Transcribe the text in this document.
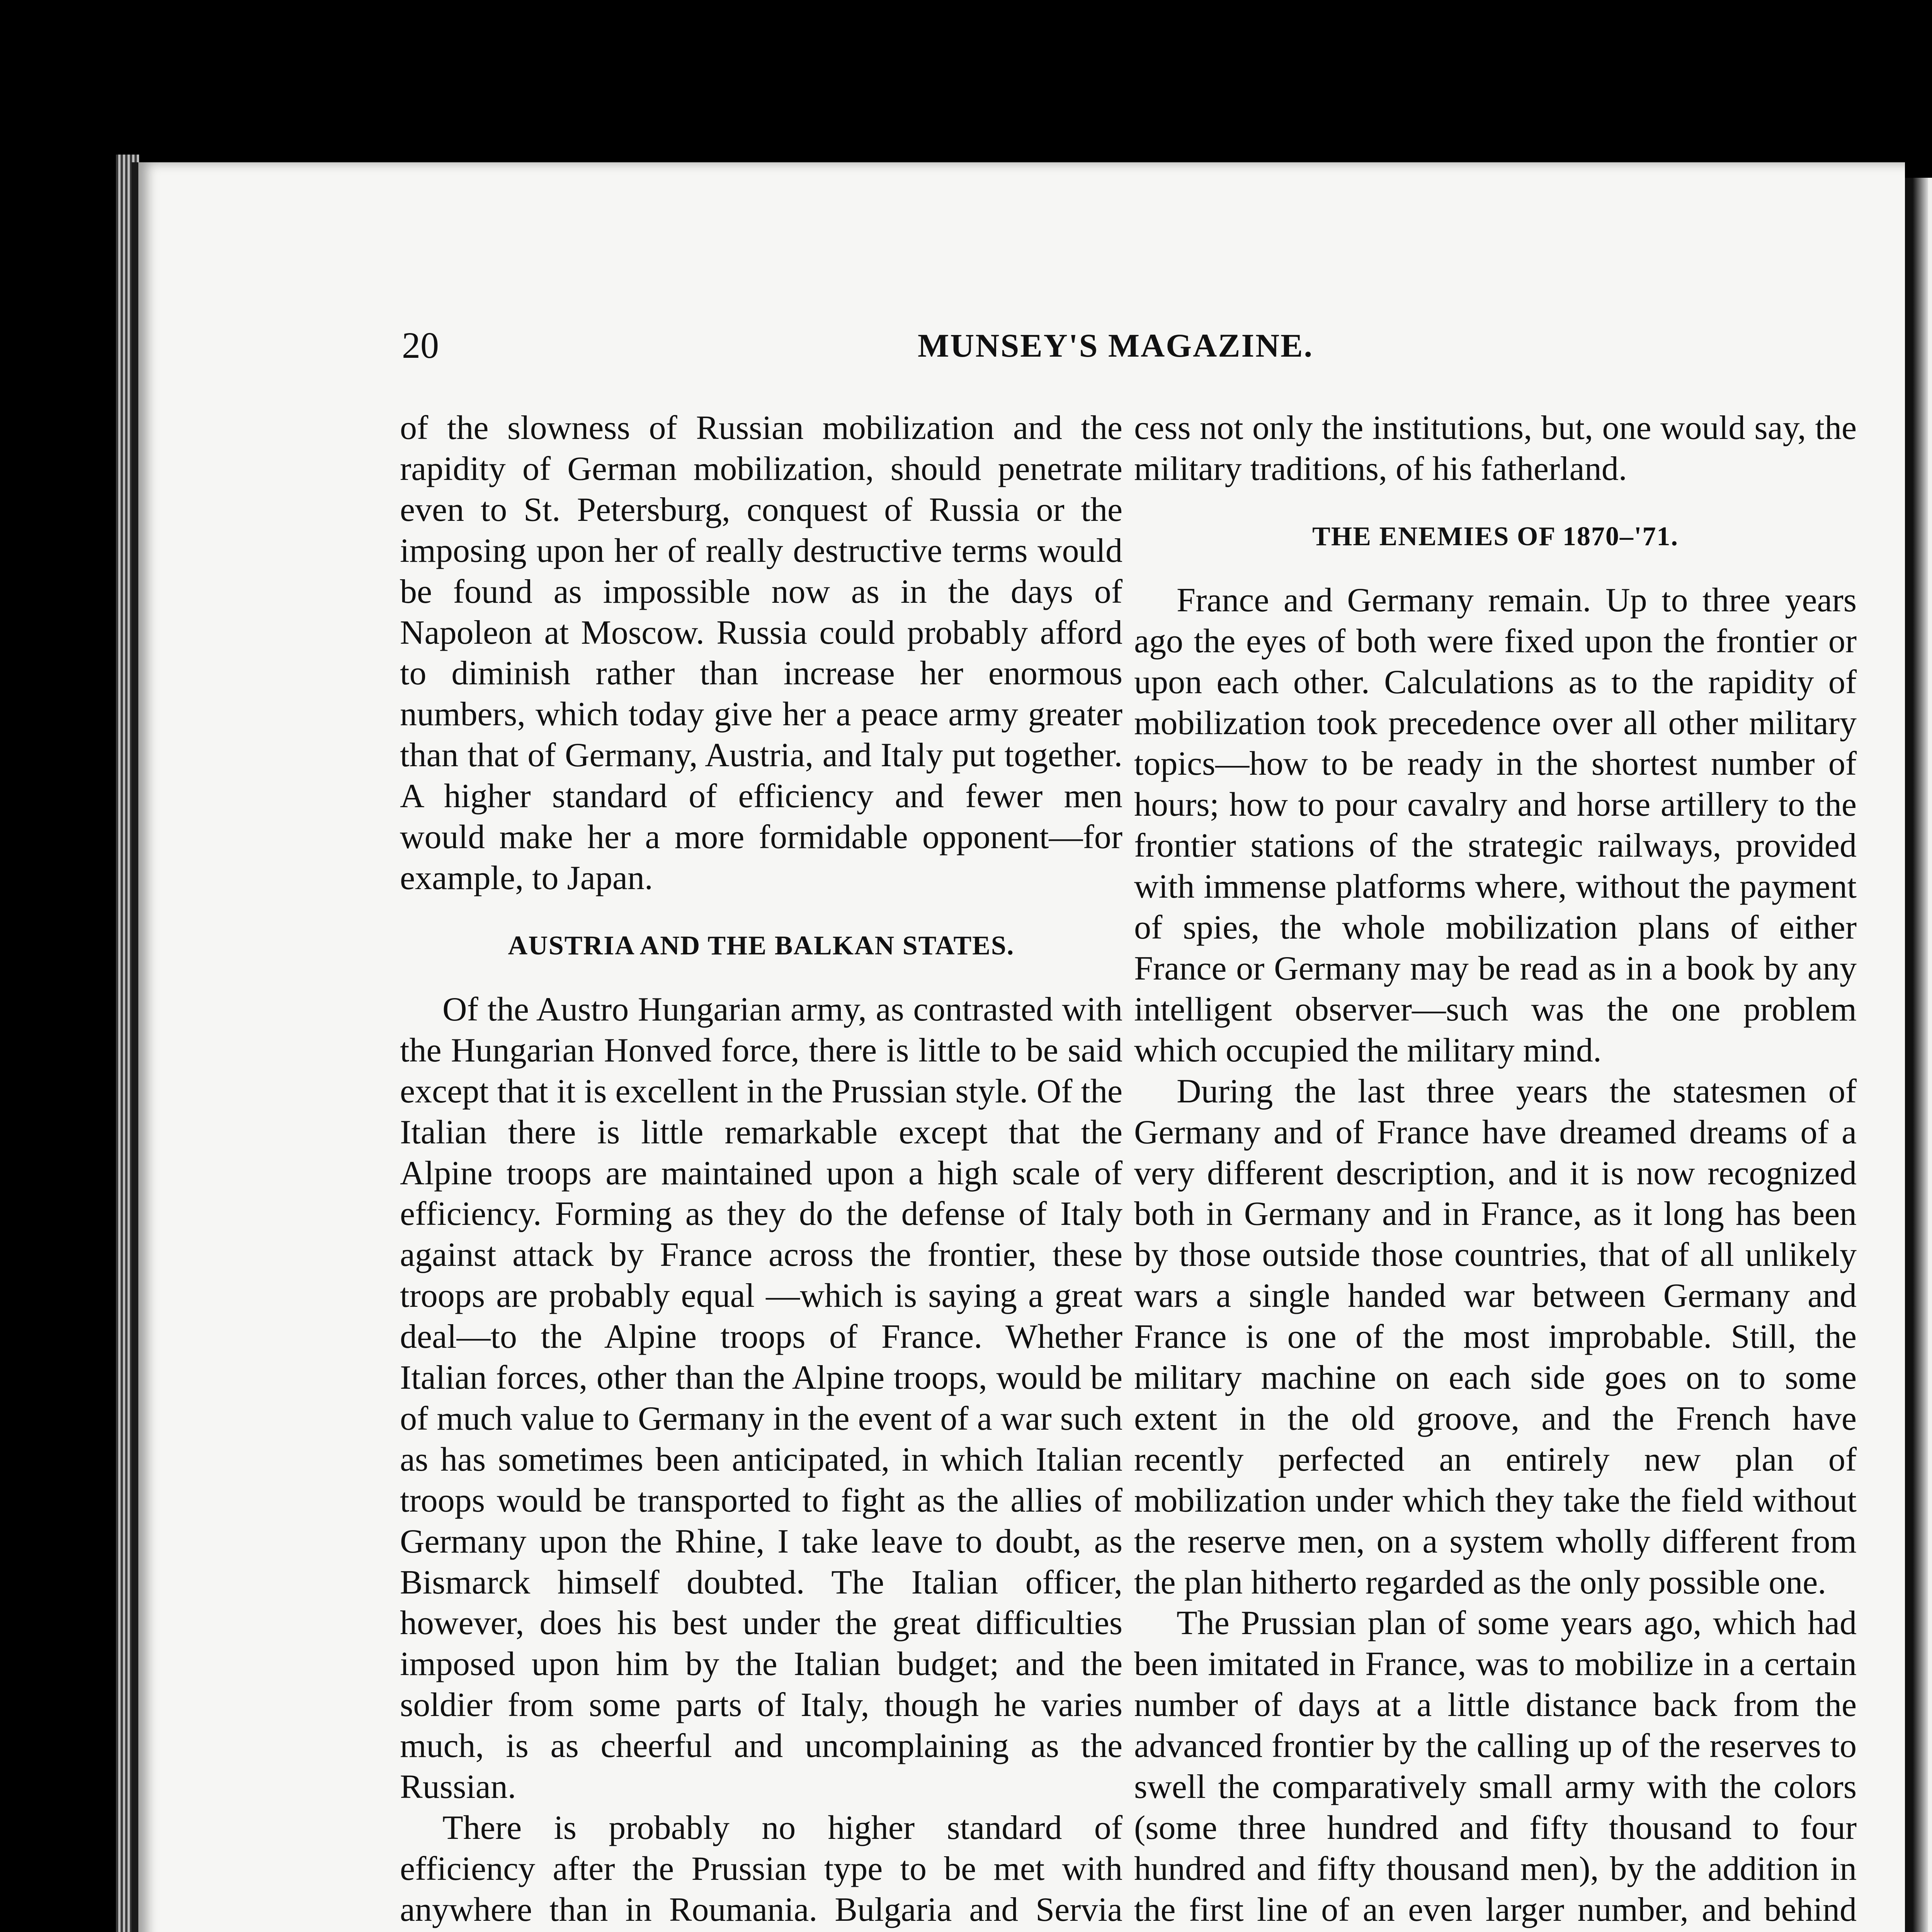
20	MUNSEY'S MAGAZINE.

of the slowness of Russian mobilization and the rapidity of German mobilization, should penetrate even to St. Petersburg, conquest of Russia or the imposing upon her of really destructive terms would be found as impossible now as in the days of Napoleon at Moscow. Russia could probably afford to diminish rather than increase her enormous numbers, which today give her a peace army greater than that of Germany, Austria, and Italy put together. A higher standard of efficiency and fewer men would make her a more formidable opponent—for example, to Japan.

AUSTRIA AND THE BALKAN STATES.

Of the Austro Hungarian army, as contrasted with the Hungarian Honved force, there is little to be said except that it is excellent in the Prussian style. Of the Italian there is little remarkable except that the Alpine troops are maintained upon a high scale of efficiency. Forming as they do the defense of Italy against attack by France across the frontier, these troops are probably equal —which is saying a great deal—to the Alpine troops of France. Whether Italian forces, other than the Alpine troops, would be of much value to Germany in the event of a war such as has sometimes been anticipated, in which Italian troops would be transported to fight as the allies of Germany upon the Rhine, I take leave to doubt, as Bismarck himself doubted. The Italian officer, however, does his best under the great difficulties imposed upon him by the Italian budget; and the soldier from some parts of Italy, though he varies much, is as cheerful and uncomplaining as the Russian.

There is probably no higher standard of efficiency after the Prussian type to be met with anywhere than in Roumania. Bulgaria and Servia

cess not only the institutions, but, one would say, the military traditions, of his fatherland.

THE ENEMIES OF 1870–'71.

France and Germany remain. Up to three years ago the eyes of both were fixed upon the frontier or upon each other. Calculations as to the rapidity of mobilization took precedence over all other military topics—how to be ready in the shortest number of hours; how to pour cavalry and horse artillery to the frontier stations of the strategic railways, provided with immense platforms where, without the payment of spies, the whole mobilization plans of either France or Germany may be read as in a book by any intelligent observer—such was the one problem which occupied the military mind.

During the last three years the statesmen of Germany and of France have dreamed dreams of a very different description, and it is now recognized both in Germany and in France, as it long has been by those outside those countries, that of all unlikely wars a single handed war between Germany and France is one of the most improbable. Still, the military machine on each side goes on to some extent in the old groove, and the French have recently perfected an entirely new plan of mobilization under which they take the field without the reserve men, on a system wholly different from the plan hitherto regarded as the only possible one.

The Prussian plan of some years ago, which had been imitated in France, was to mobilize in a certain number of days at a little distance back from the advanced frontier by the calling up of the reserves to swell the comparatively small army with the colors (some three hundred and fifty thousand to four hundred and fifty thousand men), by the addition in the first line of an even larger number, and behind
